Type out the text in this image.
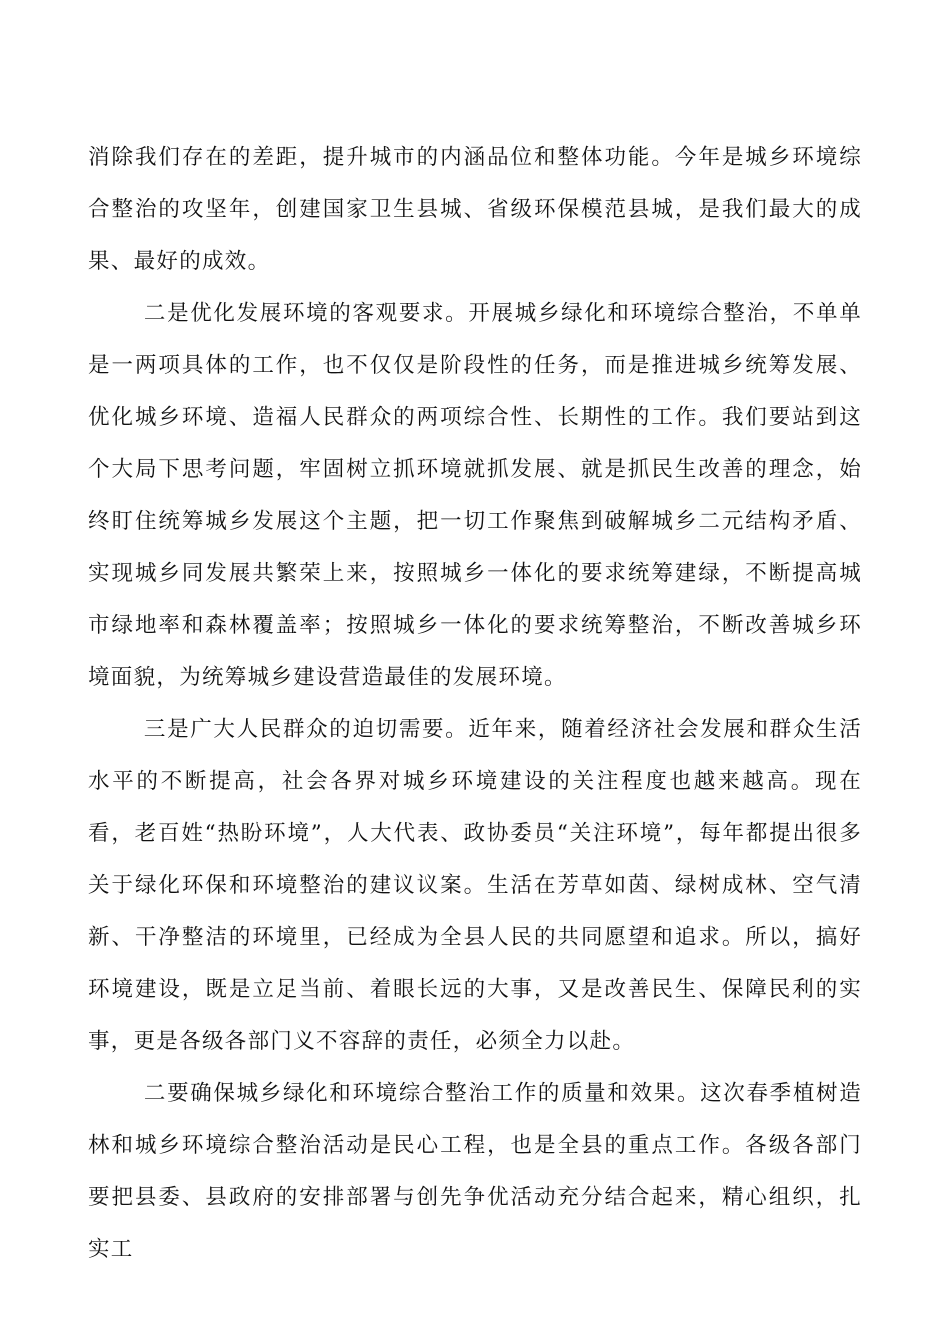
消除我们存在的差距，提升城市的内涵品位和整体功能。今年是城乡环境综合整治的攻坚年，创建国家卫生县城、省级环保模范县城，是我们最大的成果、最好的成效。

二是优化发展环境的客观要求。开展城乡绿化和环境综合整治，不单单是一两项具体的工作，也不仅仅是阶段性的任务，而是推进城乡统筹发展、优化城乡环境、造福人民群众的两项综合性、长期性的工作。我们要站到这个大局下思考问题，牢固树立抓环境就抓发展、就是抓民生改善的理念，始终盯住统筹城乡发展这个主题，把一切工作聚焦到破解城乡二元结构矛盾、实现城乡同发展共繁荣上来，按照城乡一体化的要求统筹建绿，不断提高城市绿地率和森林覆盖率；按照城乡一体化的要求统筹整治，不断改善城乡环境面貌，为统筹城乡建设营造最佳的发展环境。

三是广大人民群众的迫切需要。近年来，随着经济社会发展和群众生活水平的不断提高，社会各界对城乡环境建设的关注程度也越来越高。现在看，老百姓“热盼环境”，人大代表、政协委员“关注环境”，每年都提出很多关于绿化环保和环境整治的建议议案。生活在芳草如茵、绿树成林、空气清新、干净整洁的环境里，已经成为全县人民的共同愿望和追求。所以，搞好环境建设，既是立足当前、着眼长远的大事，又是改善民生、保障民利的实事，更是各级各部门义不容辞的责任，必须全力以赴。

二要确保城乡绿化和环境综合整治工作的质量和效果。这次春季植树造林和城乡环境综合整治活动是民心工程，也是全县的重点工作。各级各部门要把县委、县政府的安排部署与创先争优活动充分结合起来，精心组织，扎实工
